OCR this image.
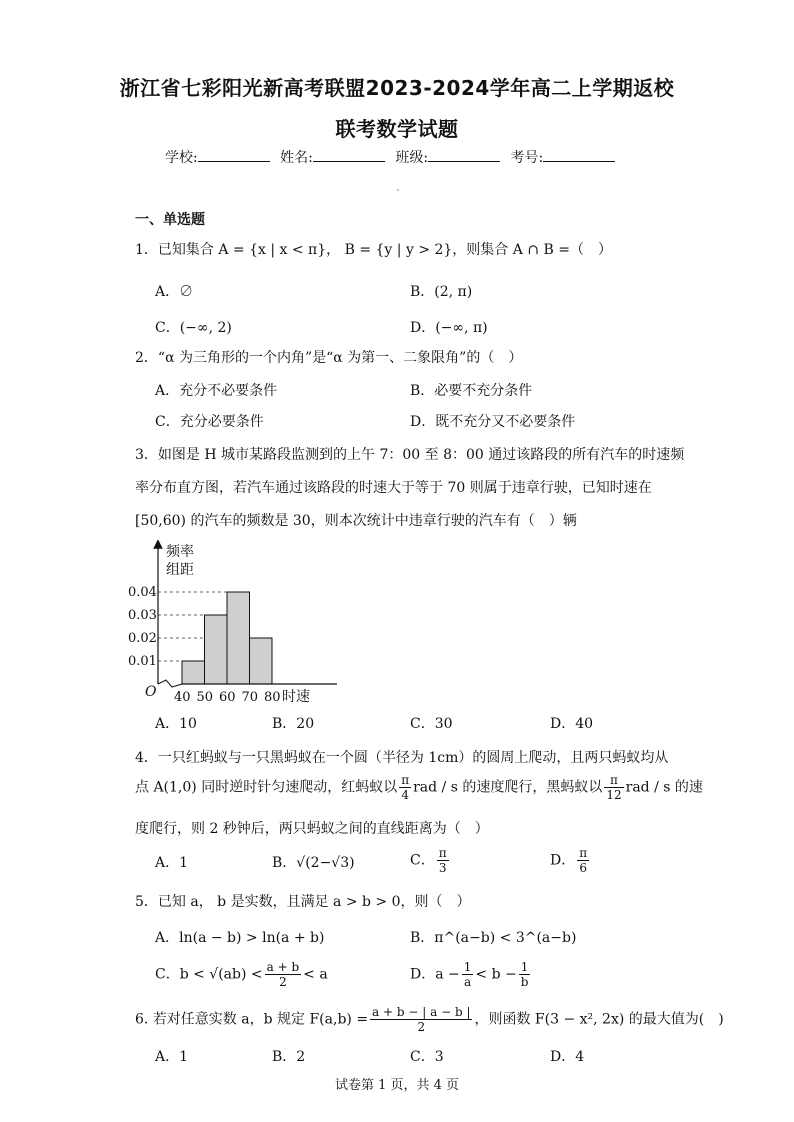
浙江省七彩阳光新高考联盟2023-2024学年高二上学期返校
联考数学试题
学校:	姓名:	班级:	考号:
一、单选题
1．已知集合 A = {x | x < π}， B = {y | y > 2}，则集合 A ∩ B =（　）
A．∅	B．(2, π)
C．(−∞, 2)	D．(−∞, π)
2．“α 为三角形的一个内角”是“α 为第一、二象限角”的（　）
A．充分不必要条件	B．必要不充分条件
C．充分必要条件	D．既不充分又不必要条件
3．如图是 H 城市某路段监测到的上午 7：00 至 8：00 通过该路段的所有汽车的时速频
率分布直方图，若汽车通过该路段的时速大于等于 70 则属于违章行驶，已知时速在
[50,60) 的汽车的频数是 30，则本次统计中违章行驶的汽车有（　）辆
0.01
0.02
0.03
0.04
40 50 60 70 80 时速
O
频率
组距
A．10	B．20	C．30	D．40
4．一只红蚂蚁与一只黑蚂蚁在一个圆（半径为 1cm）的圆周上爬动，且两只蚂蚁均从
点 A(1,0) 同时逆时针匀速爬动，红蚂蚁以 $\frac{\pi}{4}$ rad / s 的速度爬行，黑蚂蚁以 $\frac{\pi}{12}$ rad / s 的速
度爬行，则 2 秒钟后，两只蚂蚁之间的直线距离为（　）
A．1	B．√(2−√3)	C． $\frac{\pi}{3}$	D． $\frac{\pi}{6}$
5．已知 a， b 是实数，且满足 a > b > 0，则（　）
A．ln(a − b) > ln(a + b)	B．π^(a−b) < 3^(a−b)
C．$b < √(ab) < \frac{a + b}{2} < a$	D．$a - \frac{1}{a} < b - \frac{1}{b}$
6. 若对任意实数 a，b 规定 $F(a,b) = \frac{a + b - | a - b |}{2}$ ，则函数 F(3 − x², 2x) 的最大值为(　)
A．1	B．2	C．3	D．4
试卷第 1 页，共 4 页
